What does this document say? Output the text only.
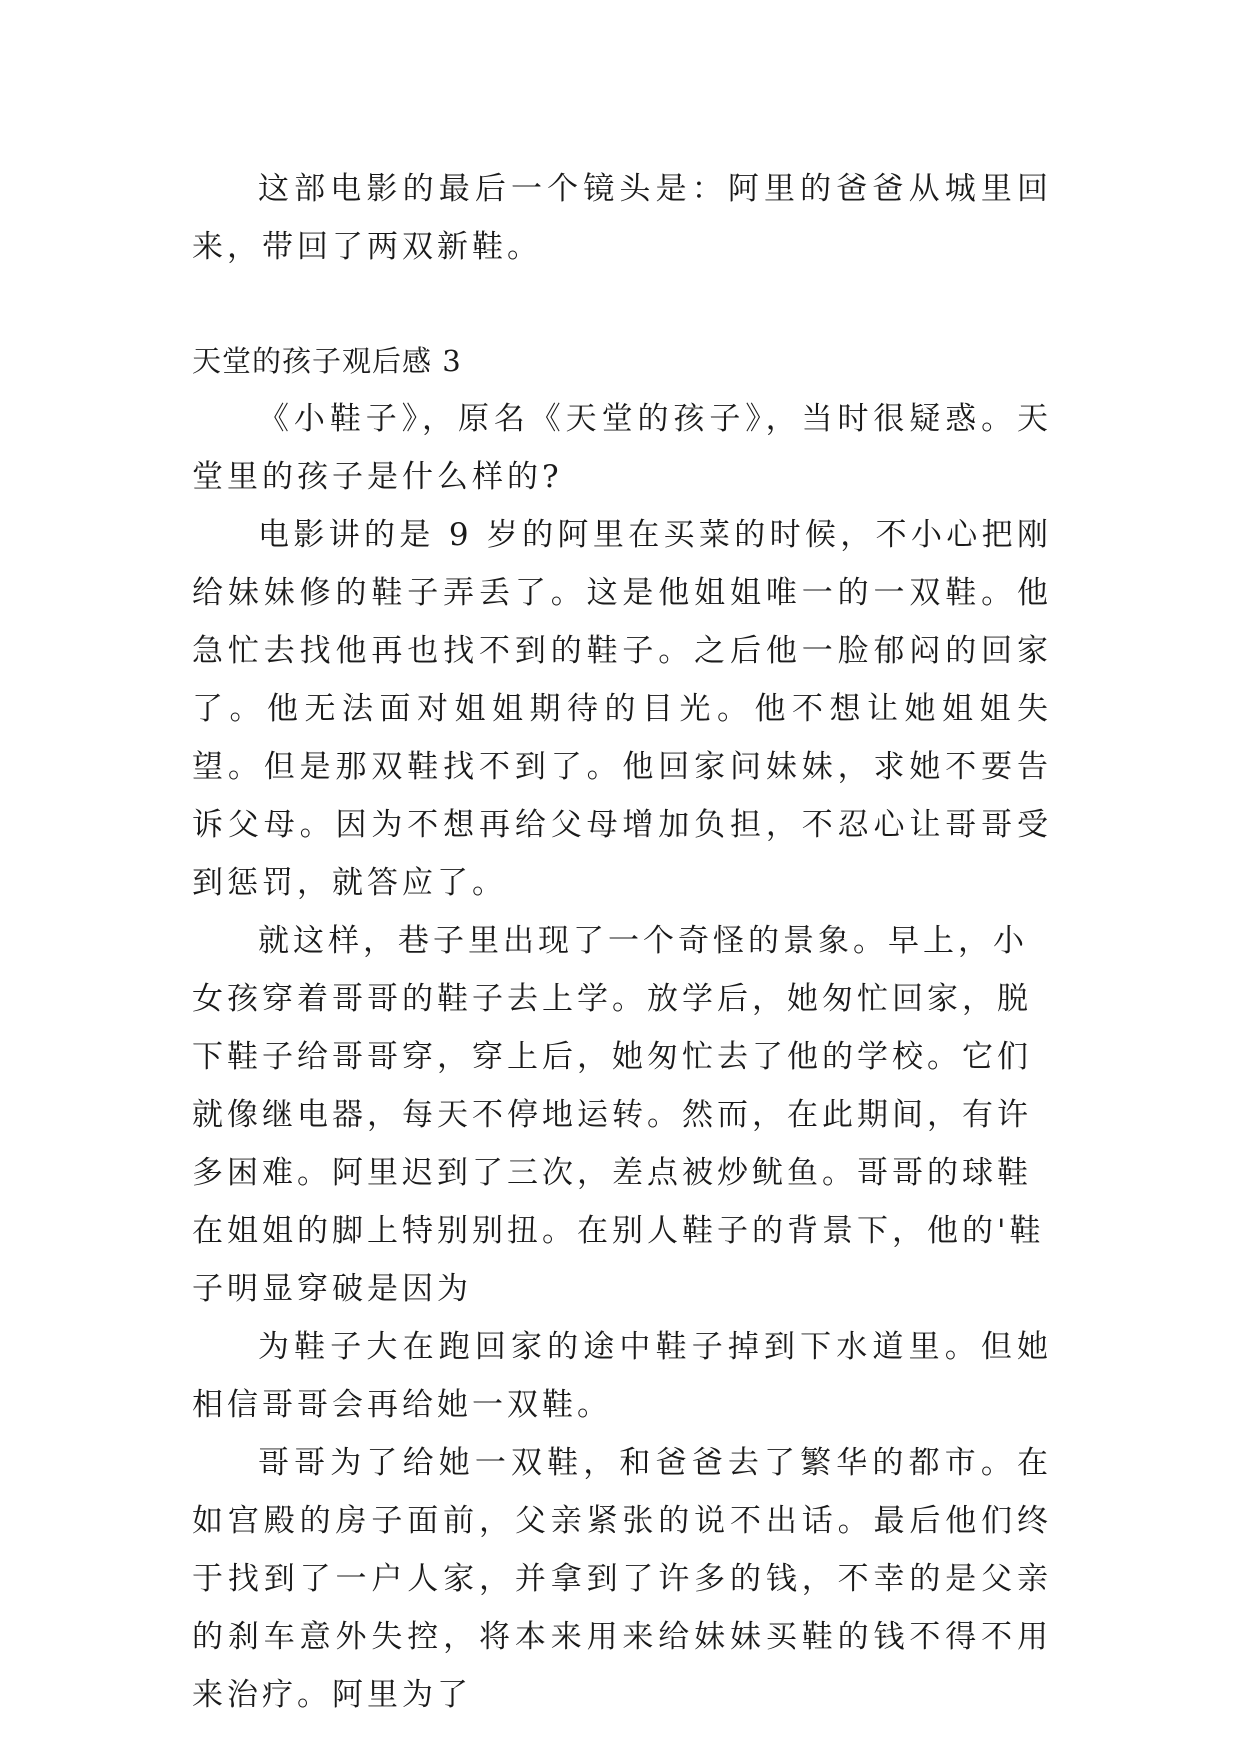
这部电影的最后一个镜头是：阿里的爸爸从城里回来，带回了两双新鞋。

天堂的孩子观后感 3

《小鞋子》，原名《天堂的孩子》，当时很疑惑。天堂里的孩子是什么样的?

电影讲的是 9 岁的阿里在买菜的时候，不小心把刚给妹妹修的鞋子弄丢了。这是他姐姐唯一的一双鞋。他急忙去找他再也找不到的鞋子。之后他一脸郁闷的回家了。他无法面对姐姐期待的目光。他不想让她姐姐失望。但是那双鞋找不到了。他回家问妹妹，求她不要告诉父母。因为不想再给父母增加负担，不忍心让哥哥受到惩罚，就答应了。

就这样，巷子里出现了一个奇怪的景象。早上，小女孩穿着哥哥的鞋子去上学。放学后，她匆忙回家，脱下鞋子给哥哥穿，穿上后，她匆忙去了他的学校。它们就像继电器，每天不停地运转。然而，在此期间，有许多困难。阿里迟到了三次，差点被炒鱿鱼。哥哥的球鞋在姐姐的脚上特别别扭。在别人鞋子的背景下，他的'鞋子明显穿破是因为

为鞋子大在跑回家的途中鞋子掉到下水道里。但她相信哥哥会再给她一双鞋。

哥哥为了给她一双鞋，和爸爸去了繁华的都市。在如宫殿的房子面前，父亲紧张的说不出话。最后他们终于找到了一户人家，并拿到了许多的钱，不幸的是父亲的刹车意外失控，将本来用来给妹妹买鞋的钱不得不用来治疗。阿里为了
